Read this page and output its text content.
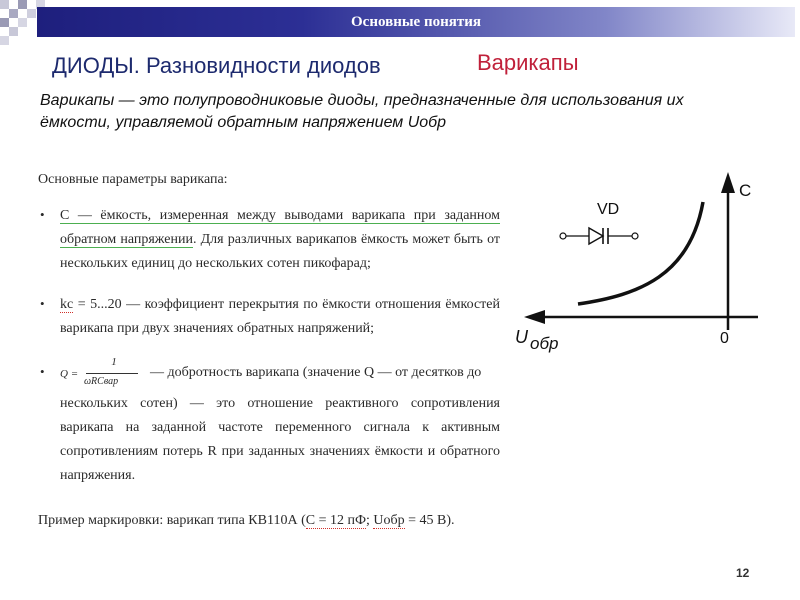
Основные понятия
ДИОДЫ. Разновидности диодов	Варикапы
Варикапы — это полупроводниковые диоды, предназначенные для использования их ёмкости, управляемой обратным напряжением Uобр
Основные параметры варикапа:
• С — ёмкость, измеренная между выводами варикапа при заданном обратном напряжении. Для различных варикапов ёмкость может быть от нескольких единиц до нескольких сотен пикофарад;
• kc = 5...20 — коэффициент перекрытия по ёмкости отношения ёмкостей варикапа при двух значениях обратных напряжений;
• Q =
1
ωRCвар
— добротность варикапа (значение Q — от десятков до
нескольких сотен) — это отношение реактивного сопротивления варикапа на заданной частоте переменного сигнала к активным сопротивлениям потерь R при заданных значениях ёмкости и обратного напряжения.
Пример маркировки: варикап типа КВ110А (С = 12 пФ; Uобр = 45 В).
C
0
U обр
VD
12
